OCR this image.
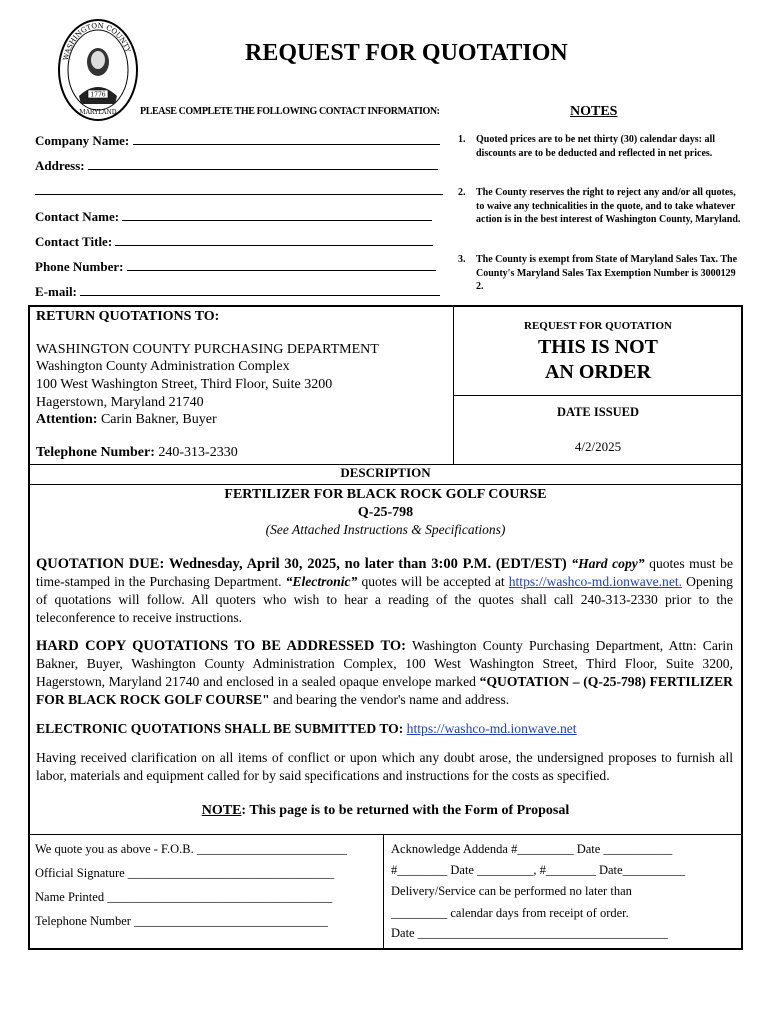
WASHINGTON COUNTY
1776
MARYLAND
REQUEST FOR QUOTATION
PLEASE COMPLETE THE FOLLOWING CONTACT INFORMATION:	NOTES
Company Name:
Address:
Contact Name:
Contact Title:
Phone Number:
E-mail:
1.	Quoted prices are to be net thirty (30) calendar days: all discounts are to be deducted and reflected in net prices.
2.	The County reserves the right to reject any and/or all quotes, to waive any technicalities in the quote, and to take whatever action is in the best interest of Washington County, Maryland.
3.	The County is exempt from State of Maryland Sales Tax. The County's Maryland Sales Tax Exemption Number is 3000129 2.
RETURN QUOTATIONS TO:
WASHINGTON COUNTY PURCHASING DEPARTMENT
Washington County Administration Complex
100 West Washington Street, Third Floor, Suite 3200
Hagerstown, Maryland 21740
Attention: Carin Bakner, Buyer
Telephone Number: 240-313-2330
REQUEST FOR QUOTATION
THIS IS NOT
AN ORDER
DATE ISSUED
4/2/2025
DESCRIPTION
FERTILIZER FOR BLACK ROCK GOLF COURSE
Q-25-798
(See Attached Instructions & Specifications)
QUOTATION DUE: Wednesday, April 30, 2025, no later than 3:00 P.M. (EDT/EST) “Hard copy” quotes must be time-stamped in the Purchasing Department. “Electronic” quotes will be accepted at https://washco-md.ionwave.net. Opening of quotations will follow. All quoters who wish to hear a reading of the quotes shall call 240-313-2330 prior to the teleconference to receive instructions.
HARD COPY QUOTATIONS TO BE ADDRESSED TO: Washington County Purchasing Department, Attn: Carin Bakner, Buyer, Washington County Administration Complex, 100 West Washington Street, Third Floor, Suite 3200, Hagerstown, Maryland 21740 and enclosed in a sealed opaque envelope marked “QUOTATION – (Q-25-798) FERTILIZER FOR BLACK ROCK GOLF COURSE" and bearing the vendor's name and address.
ELECTRONIC QUOTATIONS SHALL BE SUBMITTED TO: https://washco-md.ionwave.net
Having received clarification on all items of conflict or upon which any doubt arose, the undersigned proposes to furnish all labor, materials and equipment called for by said specifications and instructions for the costs as specified.
NOTE: This page is to be returned with the Form of Proposal
We quote you as above - F.O.B. ________________________
Official Signature _________________________________
Name Printed ____________________________________
Telephone Number _______________________________
Acknowledge Addenda #_________ Date ___________
#________ Date _________, #________ Date__________
Delivery/Service can be performed no later than
_________ calendar days from receipt of order.
Date ________________________________________
